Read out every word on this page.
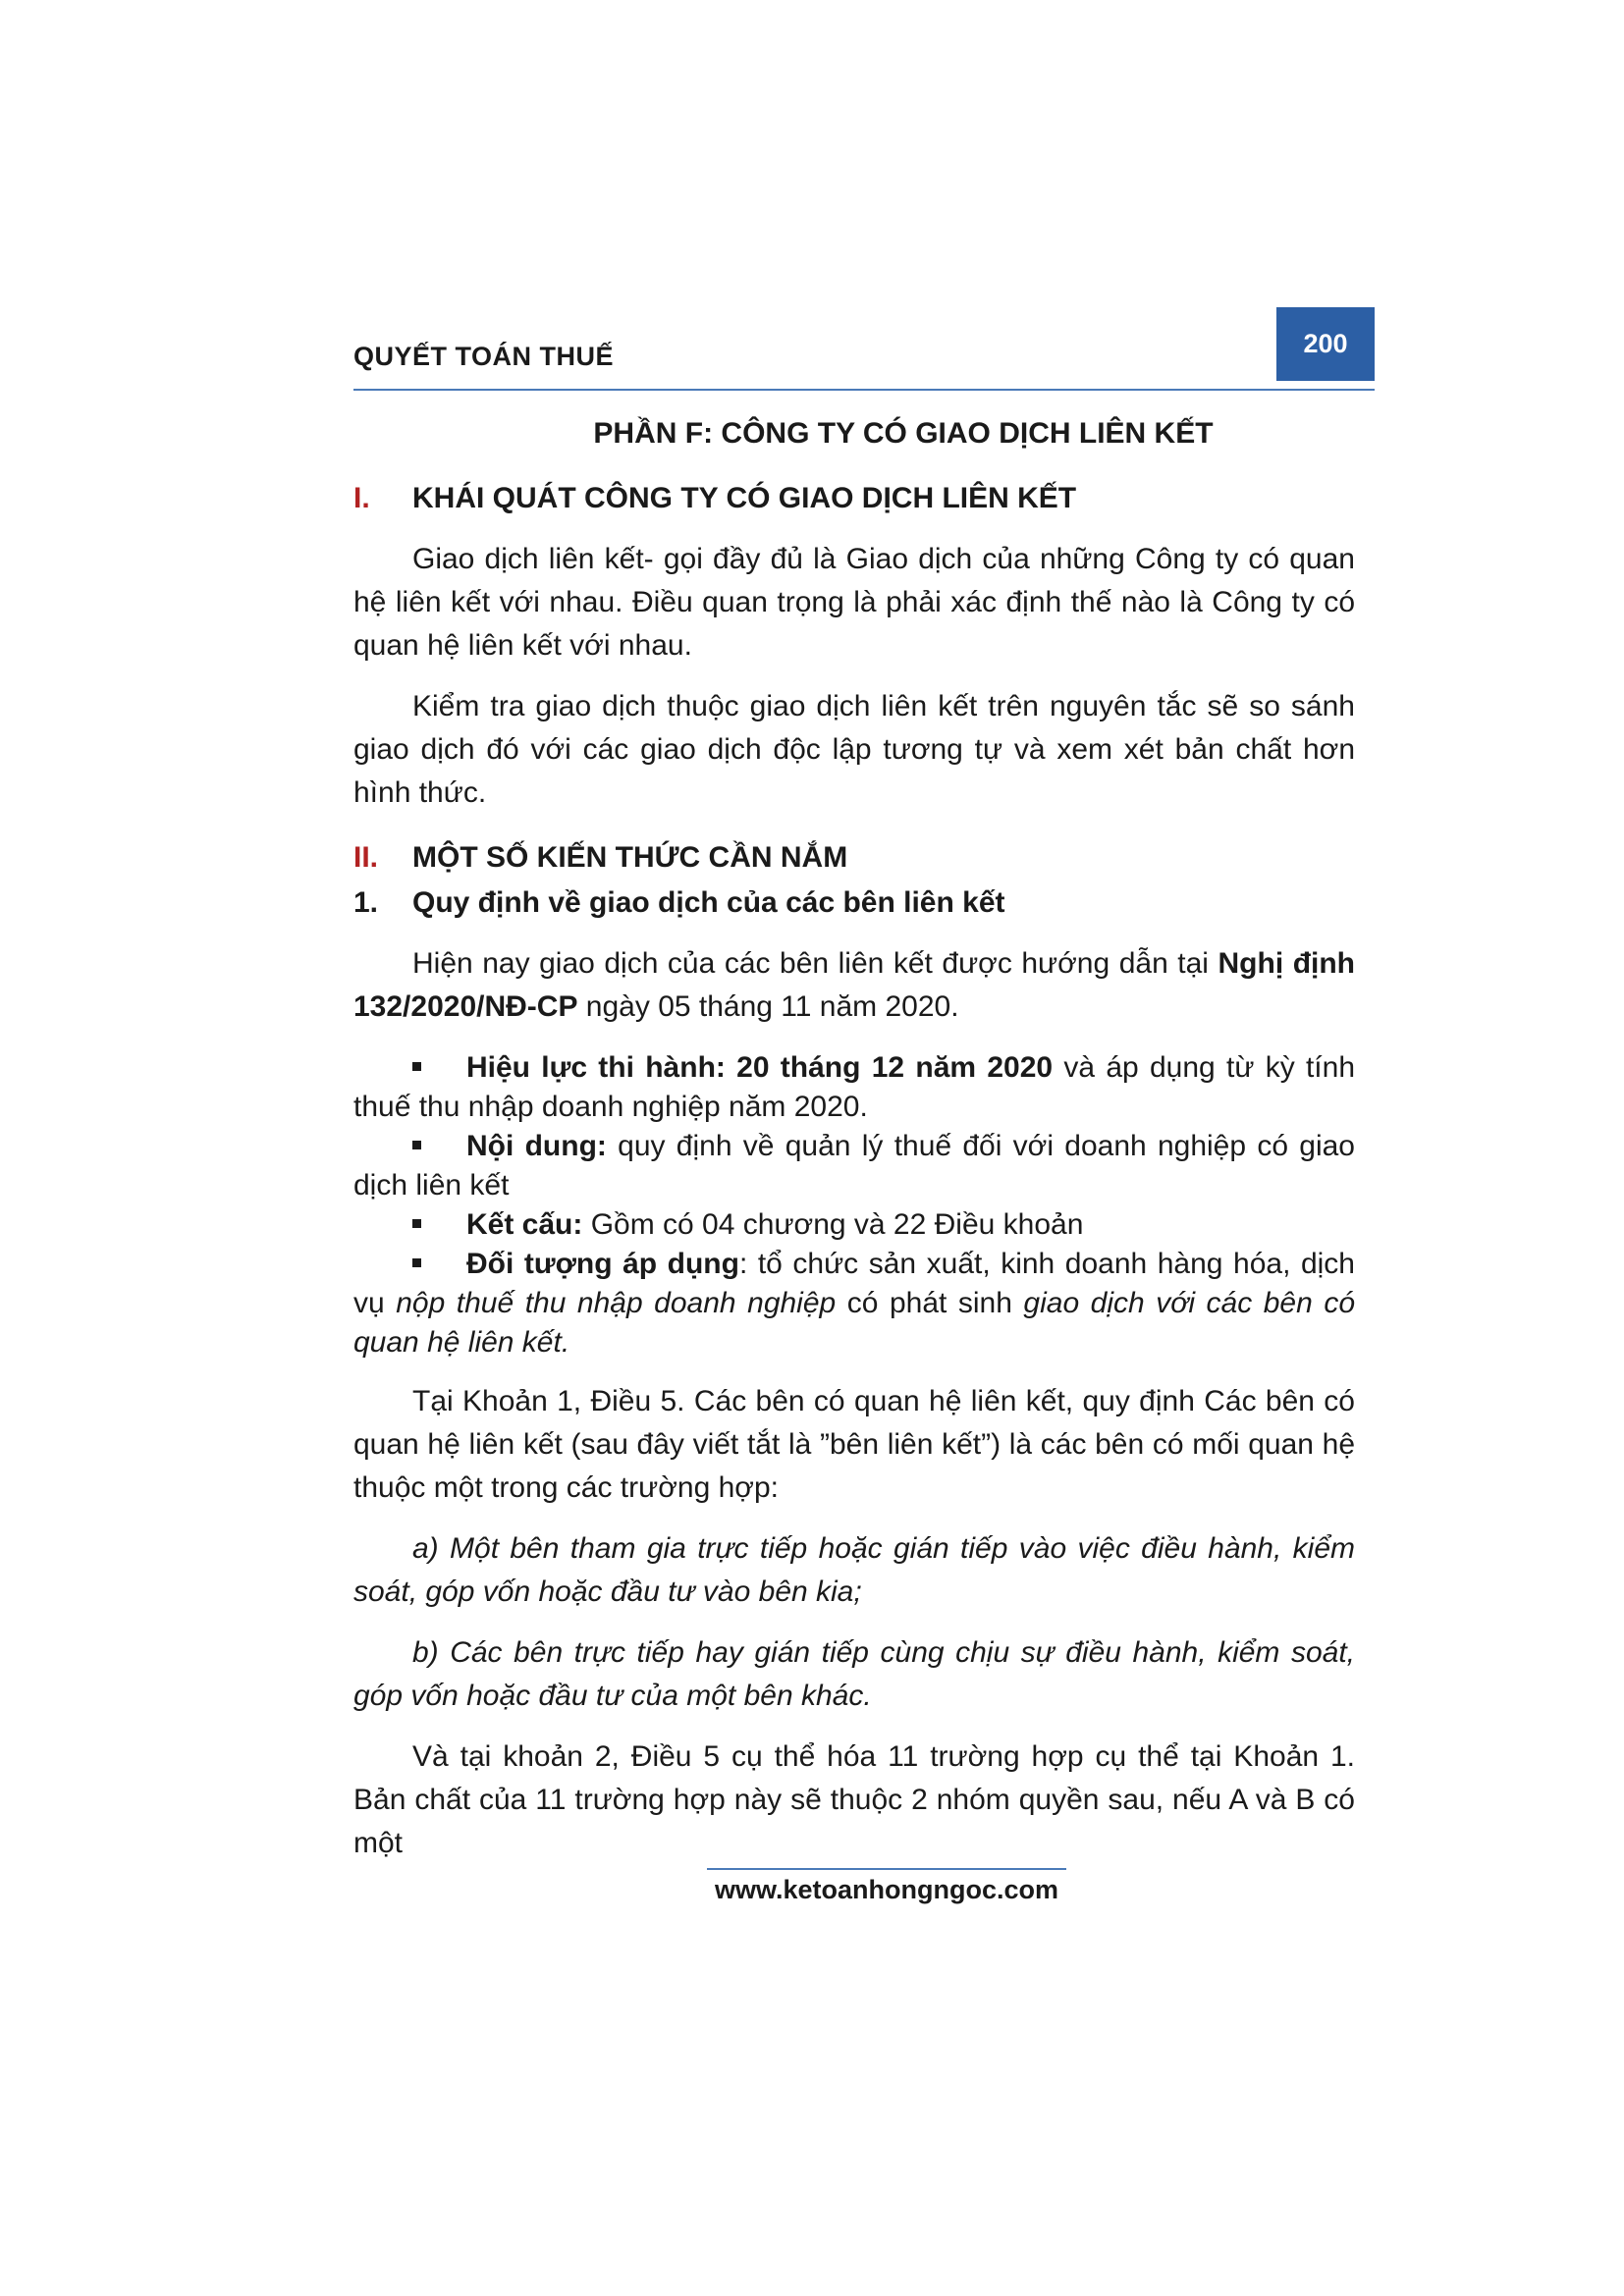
QUYẾT TOÁN THUẾ	200
PHẦN F: CÔNG TY CÓ GIAO DỊCH LIÊN KẾT
I.	KHÁI QUÁT CÔNG TY CÓ GIAO DỊCH LIÊN KẾT

Giao dịch liên kết- gọi đầy đủ là Giao dịch của những Công ty có quan hệ liên kết với nhau. Điều quan trọng là phải xác định thế nào là Công ty có quan hệ liên kết với nhau.

Kiểm tra giao dịch thuộc giao dịch liên kết trên nguyên tắc sẽ so sánh giao dịch đó với các giao dịch độc lập tương tự và xem xét bản chất hơn hình thức.

II.	MỘT SỐ KIẾN THỨC CẦN NẮM
1.	Quy định về giao dịch của các bên liên kết

Hiện nay giao dịch của các bên liên kết được hướng dẫn tại Nghị định 132/2020/NĐ-CP ngày 05 tháng 11 năm 2020.

Hiệu lực thi hành: 20 tháng 12 năm 2020 và áp dụng từ kỳ tính thuế thu nhập doanh nghiệp năm 2020.

Nội dung: quy định về quản lý thuế đối với doanh nghiệp có giao dịch liên kết

Kết cấu: Gồm có 04 chương và 22 Điều khoản

Đối tượng áp dụng: tổ chức sản xuất, kinh doanh hàng hóa, dịch vụ nộp thuế thu nhập doanh nghiệp có phát sinh giao dịch với các bên có quan hệ liên kết.

Tại Khoản 1, Điều 5. Các bên có quan hệ liên kết, quy định Các bên có quan hệ liên kết (sau đây viết tắt là ”bên liên kết”) là các bên có mối quan hệ thuộc một trong các trường hợp:

a) Một bên tham gia trực tiếp hoặc gián tiếp vào việc điều hành, kiểm soát, góp vốn hoặc đầu tư vào bên kia;

b) Các bên trực tiếp hay gián tiếp cùng chịu sự điều hành, kiểm soát, góp vốn hoặc đầu tư của một bên khác.

Và tại khoản 2, Điều 5 cụ thể hóa 11 trường hợp cụ thể tại Khoản 1. Bản chất của 11 trường hợp này sẽ thuộc 2 nhóm quyền sau, nếu A và B có một

www.ketoanhongngoc.com
